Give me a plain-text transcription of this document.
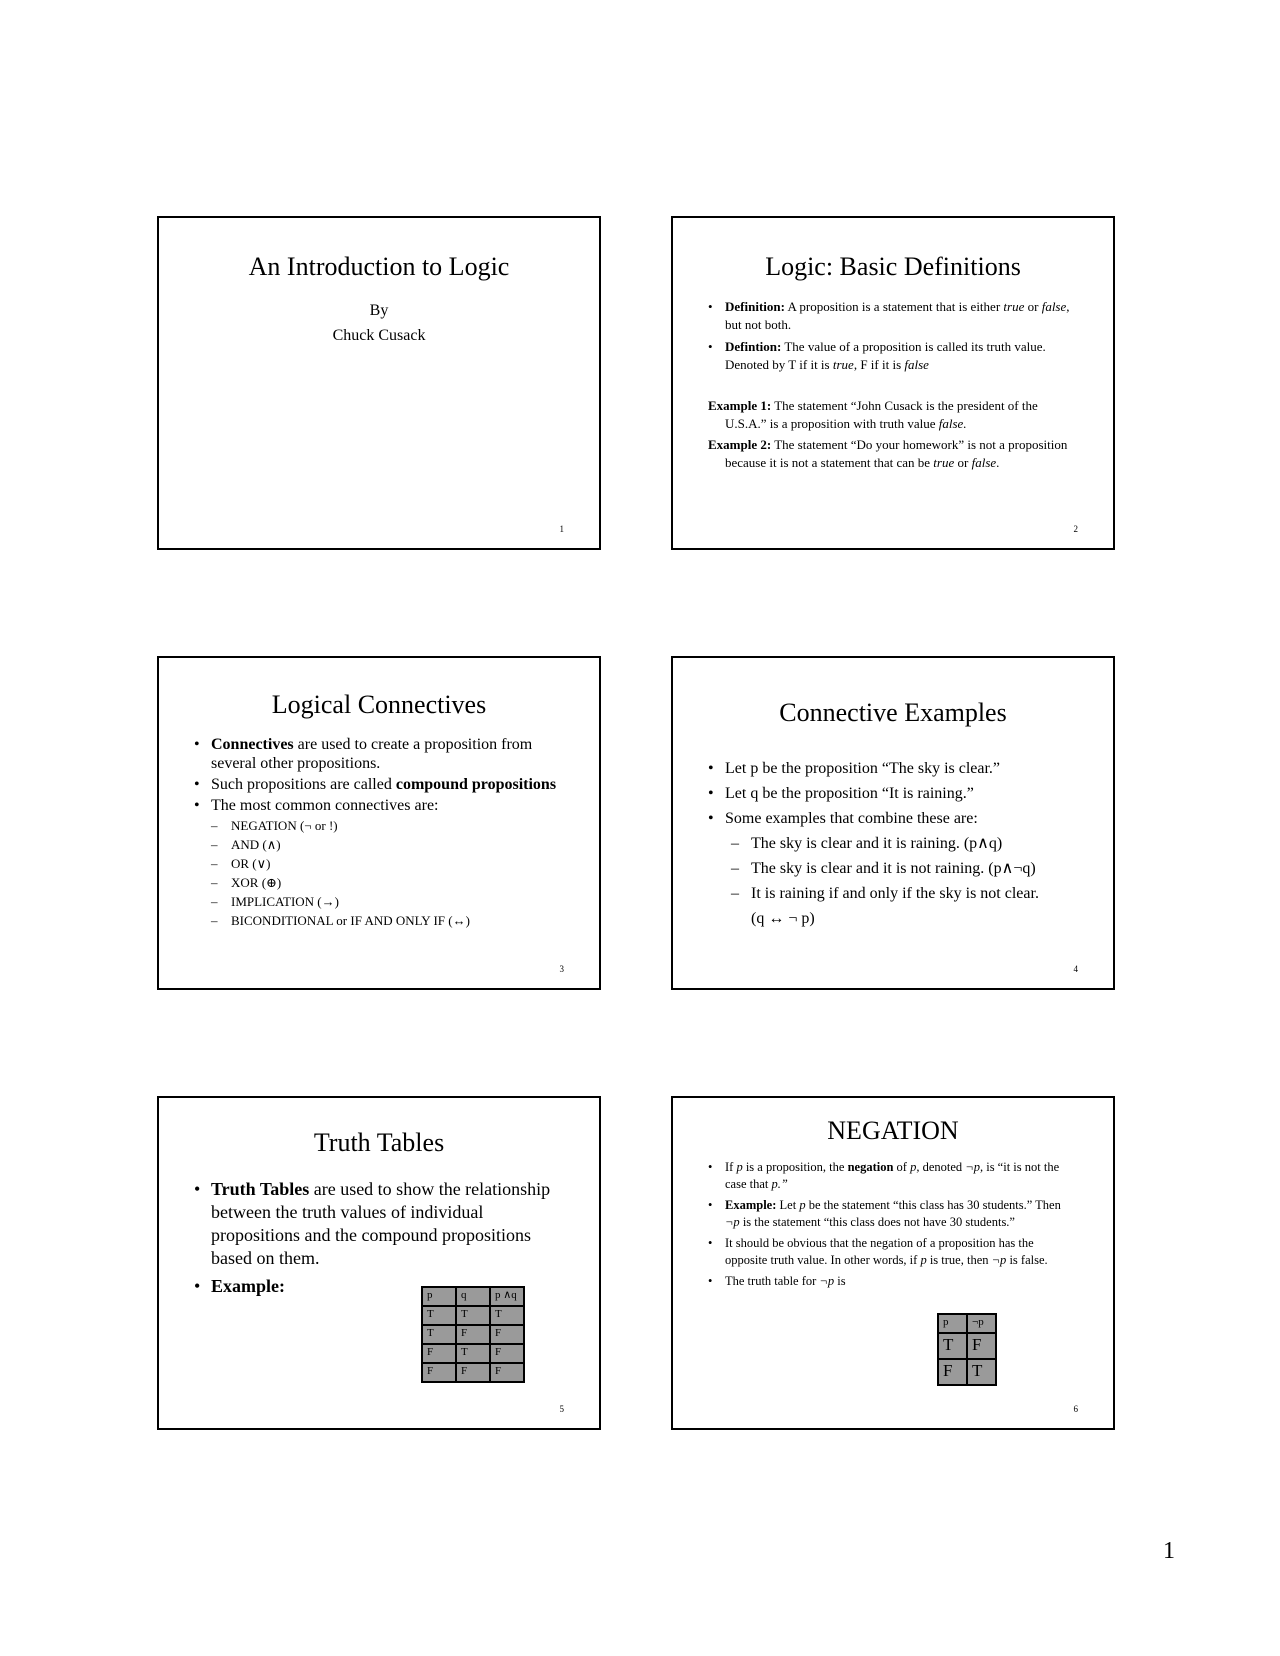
An Introduction to Logic
By
Chuck Cusack
1
Logic: Basic Definitions
• Definition: A proposition is a statement that is either true or false, but not both.
• Defintion: The value of a proposition is called its truth value. Denoted by T if it is true, F if it is false

Example 1: The statement “John Cusack is the president of the U.S.A.” is a proposition with truth value false.

Example 2: The statement “Do your homework” is not a proposition because it is not a statement that can be true or false.

2
Logical Connectives
• Connectives are used to create a proposition from several other propositions.
• Such propositions are called compound propositions
• The most common connectives are:
– NEGATION (¬ or !)
– AND (∧)
– OR (∨)
– XOR (⊕)
– IMPLICATION (→)
– BICONDITIONAL or IF AND ONLY IF (↔)
3
Connective Examples
• Let p be the proposition “The sky is clear.”
• Let q be the proposition “It is raining.”
• Some examples that combine these are:
– The sky is clear and it is raining. (p∧q)
– The sky is clear and it is not raining. (p∧¬q)
– It is raining if and only if the sky is not clear.
(q ↔ ¬ p)
4
Truth Tables
• Truth Tables are used to show the relationship between the truth values of individual propositions and the compound propositions based on them.
• Example:	p	q	p ∧q
T	T	T
T	F	F
F	T	F
F	F	F
5
NEGATION
• If p is a proposition, the negation of p, denoted ¬p, is “it is not the case that p.”
• Example: Let p be the statement “this class has 30 students.” Then ¬p is the statement “this class does not have 30 students.”
• It should be obvious that the negation of a proposition has the opposite truth value. In other words, if p is true, then ¬p is false.
• The truth table for ¬p is
p	¬p
T	F
F	T
6
1
